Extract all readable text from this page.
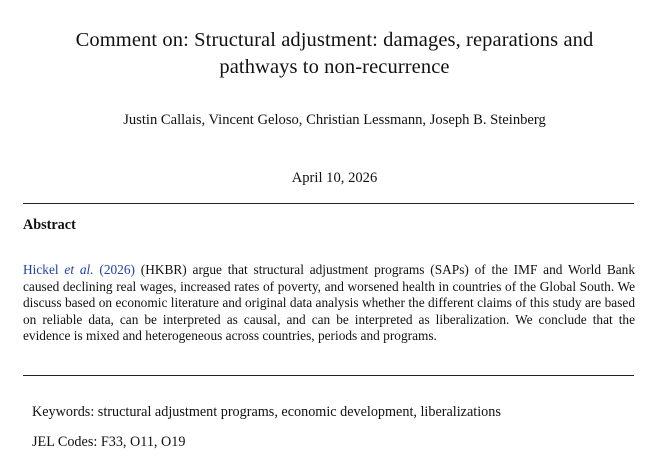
Comment on: Structural adjustment: damages, reparations and
pathways to non-recurrence
Justin Callais, Vincent Geloso, Christian Lessmann, Joseph B. Steinberg
April 10, 2026
Abstract
Hickel et al. (2026) (HKBR) argue that structural adjustment programs (SAPs) of the IMF and World Bank caused declining real wages, increased rates of poverty, and worsened health in countries of the Global South. We discuss based on economic literature and original data analysis whether the different claims of this study are based on reliable data, can be interpreted as causal, and can be interpreted as liberalization. We conclude that the evidence is mixed and heterogeneous across countries, periods and programs.
Keywords: structural adjustment programs, economic development, liberalizations
JEL Codes: F33, O11, O19
